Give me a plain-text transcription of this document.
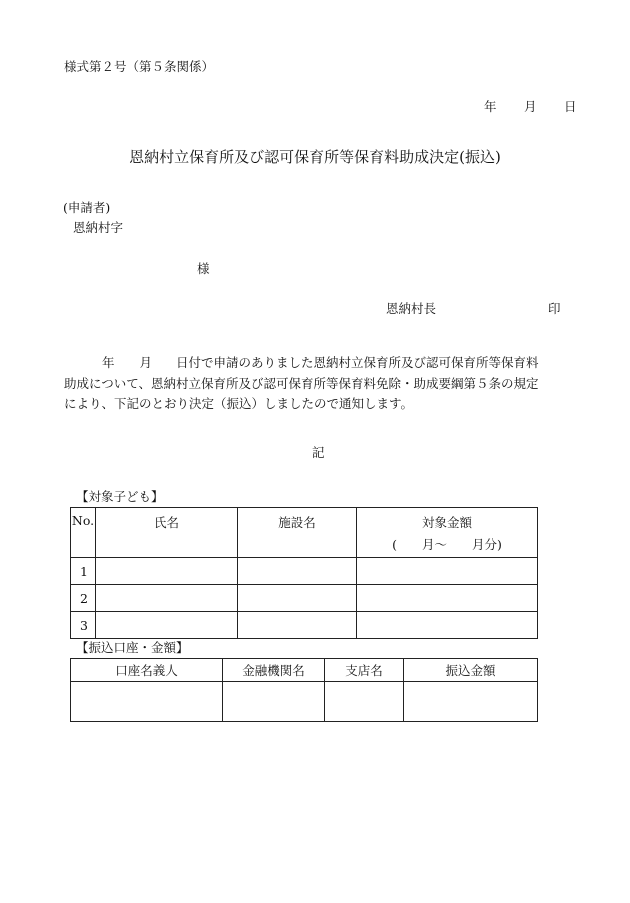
様式第２号（第５条関係）
年 月 日
恩納村立保育所及び認可保育所等保育料助成決定(振込)
(申請者)
恩納村字
様
恩納村長	印
年 月 日付で申請のありました恩納村立保育所及び認可保育所等保育料
助成について、恩納村立保育所及び認可保育所等保育料免除・助成要綱第５条の規定
により、下記のとおり決定（振込）しましたので通知します。
記
【対象子ども】
No.	氏名	施設名	対象金額
(　　月～　　月分)

1			
2			
3			
【振込口座・金額】
口座名義人	金融機関名	支店名	振込金額
